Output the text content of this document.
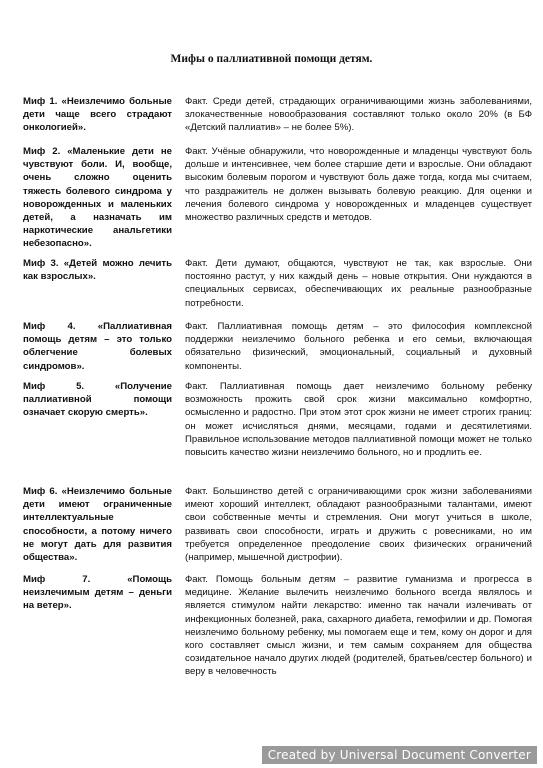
Мифы о паллиативной помощи детям.
Миф 1. «Неизлечимо больные дети чаще всего страдают онкологией».
Факт. Среди детей, страдающих ограничивающими жизнь заболеваниями, злокачественные новообразования составляют только около 20% (в БФ «Детский паллиатив» – не более 5%).
Миф 2. «Маленькие дети не чувствуют боли. И, вообще, очень сложно оценить тяжесть болевого синдрома у новорожденных и маленьких детей, а назначать им наркотические анальгетики небезопасно».
Факт. Учёные обнаружили, что новорожденные и младенцы чувствуют боль дольше и интенсивнее, чем более старшие дети и взрослые. Они обладают высоким болевым порогом и чувствуют боль даже тогда, когда мы считаем, что раздражитель не должен вызывать болевую реакцию. Для оценки и лечения болевого синдрома у новорожденных и младенцев существует множество различных средств и методов.
Миф 3. «Детей можно лечить как взрослых».
Факт. Дети думают, общаются, чувствуют не так, как взрослые. Они постоянно растут, у них каждый день – новые открытия. Они нуждаются в специальных сервисах, обеспечивающих их реальные разнообразные потребности.
Миф 4. «Паллиативная помощь детям – это только облегчение болевых синдромов».
Факт. Паллиативная помощь детям – это философия комплексной поддержки неизлечимо больного ребенка и его семьи, включающая обязательно физический, эмоциональный, социальный и духовный компоненты.
Миф 5. «Получение паллиативной помощи означает скорую смерть».
Факт. Паллиативная помощь дает неизлечимо больному ребенку возможность прожить свой срок жизни максимально комфортно, осмысленно и радостно. При этом этот срок жизни не имеет строгих границ: он может исчисляться днями, месяцами, годами и десятилетиями. Правильное использование методов паллиативной помощи может не только повысить качество жизни неизлечимо больного, но и продлить ее.
Миф 6. «Неизлечимо больные дети имеют ограниченные интеллектуальные способности, а потому ничего не могут дать для развития общества».
Факт. Большинство детей с ограничивающими срок жизни заболеваниями имеют хороший интеллект, обладают разнообразными талантами, имеют свои собственные мечты и стремления. Они могут учиться в школе, развивать свои способности, играть и дружить с ровесниками, но им требуется определенное преодоление своих физических ограничений (например, мышечной дистрофии).
Миф 7. «Помощь неизлечимым детям – деньги на ветер».
Факт. Помощь больным детям – развитие гуманизма и прогресса в медицине. Желание вылечить неизлечимо больного всегда являлось и является стимулом найти лекарство: именно так начали излечивать от инфекционных болезней, рака, сахарного диабета, гемофилии и др. Помогая неизлечимо больному ребенку, мы помогаем еще и тем, кому он дорог и для кого составляет смысл жизни, и тем самым сохраняем для общества созидательное начало других людей (родителей, братьев/сестер больного) и веру в человечность
Created by Universal Document Converter
